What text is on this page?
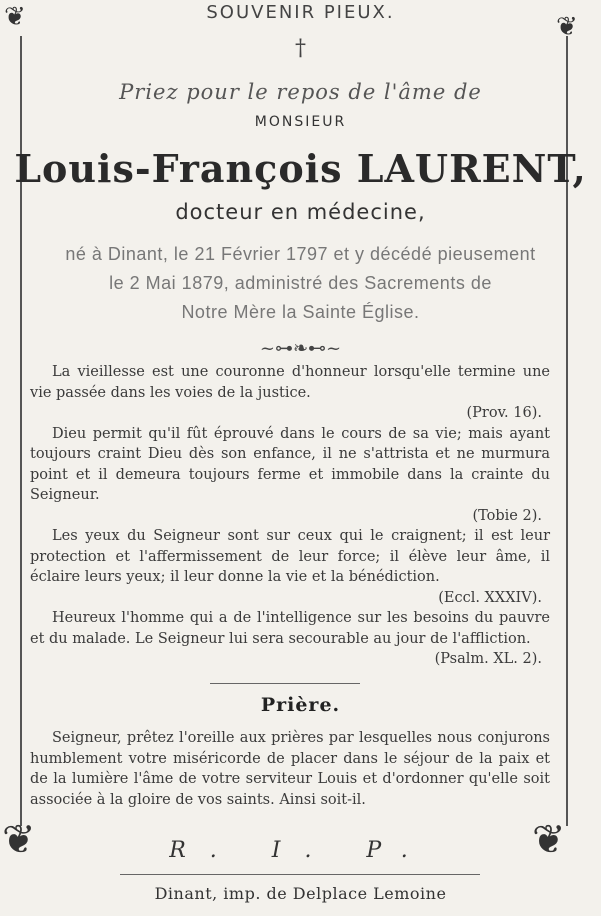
❦	❦
❦	❦
SOUVENIR PIEUX.
†
Priez pour le repos de l'âme de
MONSIEUR
Louis-François LAURENT,
docteur en médecine,
né à Dinant, le 21 Février 1797 et y décédé pieusement
le 2 Mai 1879, administré des Sacrements de
Notre Mère la Sainte Église.
~⊶❧⊷~

La vieillesse est une couronne d'honneur lorsqu'elle termine une vie passée dans les voies de la justice.

(Prov. 16).

Dieu permit qu'il fût éprouvé dans le cours de sa vie; mais ayant toujours craint Dieu dès son enfance, il ne s'attrista et ne murmura point et il demeura toujours ferme et immobile dans la crainte du Seigneur.

(Tobie 2).

Les yeux du Seigneur sont sur ceux qui le craignent; il est leur protection et l'affermissement de leur force; il élève leur âme, il éclaire leurs yeux; il leur donne la vie et la bénédiction.

(Eccl. XXXIV).

Heureux l'homme qui a de l'intelligence sur les besoins du pauvre et du malade. Le Seigneur lui sera secourable au jour de l'affliction.

(Psalm. XL. 2).
Prière.

Seigneur, prêtez l'oreille aux prières par lesquelles nous conjurons humblement votre miséricorde de placer dans le séjour de la paix et de la lumière l'âme de votre serviteur Louis et d'ordonner qu'elle soit associée à la gloire de vos saints. Ainsi soit-il.

R. I. P.
Dinant, imp. de Delplace Lemoine
